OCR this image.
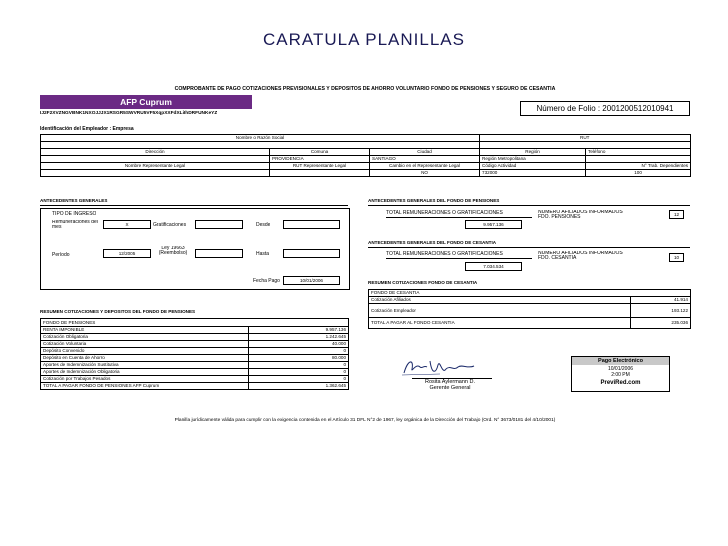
CARATULA PLANILLAS
COMPROBANTE DE PAGO COTIZACIONES PREVISIONALES Y DEPOSITOS DE AHORRO VOLUNTARIO FONDO DE PENSIONES Y SEGURO DE CESANTIA
AFP Cuprum
IJ2F2XVZNGVBNK1NXOJJJX1RSGR5SWVRU5VF5XqpXXFdXLiIhDRFUNKeYZ
Número de Folio : 2001200512010941
Identificación del Empleador : Empresa
Nombre o Razón Social			RUT	

Dirección	Comuna	Ciudad	Región	Teléfono
	PROVIDENCIA	SANTIAGO	Región Metropolitana	
Nombre Representante Legal	RUT Representante Legal	Cambio en el Representante Legal	Código Actividad	N° Trab. Dependientes
		NO	732000	100
ANTECEDENTES GENERALES
TIPO DE INGRESO
Remuneraciones del mes	X	Gratificaciones	Desde
Período	12/2005
Ley 19663 (Reembolso)	Hasta
Fecha Pago	10/01/2006
ANTECEDENTES GENERALES DEL FONDO DE PENSIONES
TOTAL REMUNERACIONES O GRATIFICACIONES
9.957.136
NUMERO AFILIADOS INFORMADOS FDO. PENSIONES	12
ANTECEDENTES GENERALES DEL FONDO DE CESANTIA
TOTAL REMUNERACIONES O GRATIFICACIONES
7.034.534
NUMERO AFILIADOS INFORMADOS FDO. CESANTIA	10
RESUMEN COTIZACIONES FONDO DE CESANTIA
FONDO DE CESANTIA	
Cotización Afiliados	41.914
Cotización Empleador	193.122
TOTAL A PAGAR AL FONDO CESANTIA	235.036
RESUMEN COTIZACIONES Y DEPOSITOS DEL FONDO DE PENSIONES
FONDO DE PENSIONES	
RENTA IMPONIBLE	9.957.136
Cotización Obligatoria	1.242.645
Cotización Voluntaria	40.000
Depósito Convenido	0
Depósito en Cuenta de Ahorro	80.000
Aportes de Indemnización Sustitutiva	0
Aportes de Indemnización Obligatoria	0
Cotización por Trabajos Pesados	0
TOTAL A PAGAR FONDO DE PENSIONES AFP Cuprum	1.362.645
Rosita Aylermann D.
Gerente General
Pago Electrónico
10/01/2006
2:00 PM
PreviRed.com
Planilla jurídicamente válida para cumplir con la exigencia contenida en el Artículo 31 DFL N°2 de 1967, ley orgánica de la Dirección del Trabajo (Ord. N° 3673/0181 del 4/10/2001)
